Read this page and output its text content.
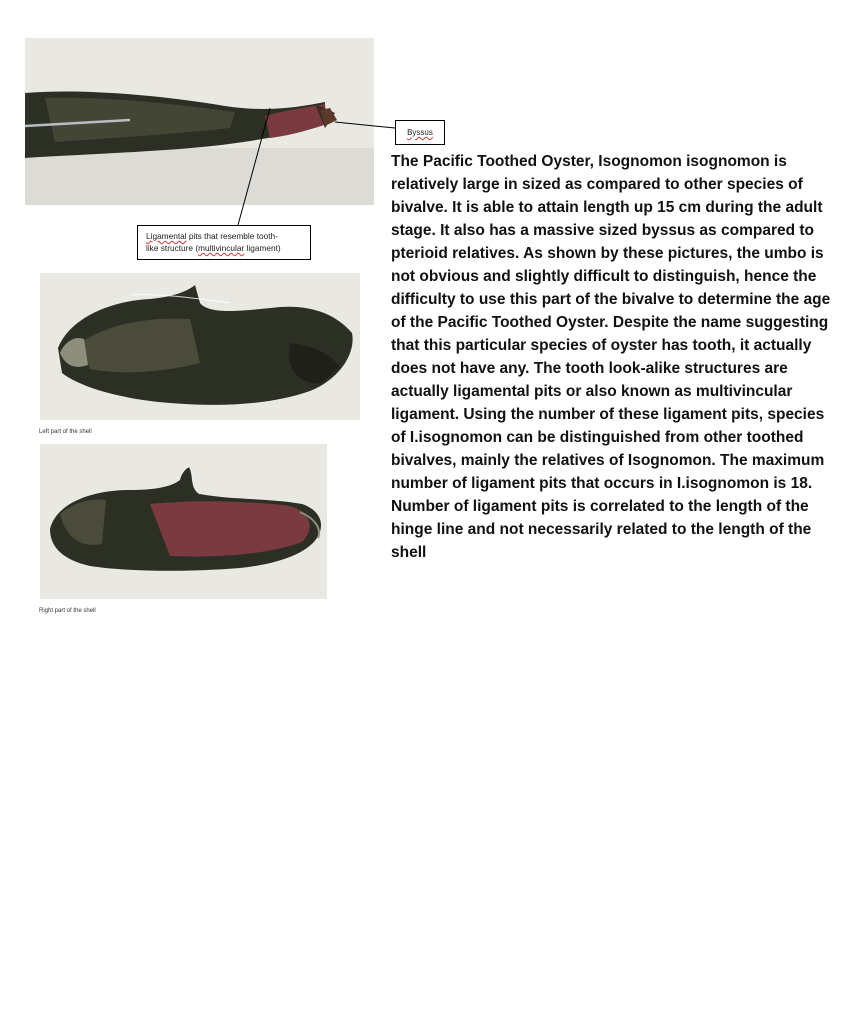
Left part of the shell
Right part of the shell
Byssus
Ligamental pits that resemble tooth-
like structure (multivincular ligament)

The Pacific Toothed Oyster, Isognomon isognomon is relatively large in sized as compared to other species of bivalve. It is able to attain length up 15 cm during the adult stage. It also has a massive sized byssus as compared to pterioid relatives. As shown by these pictures, the umbo is not obvious and slightly difficult to distinguish, hence the difficulty to use this part of the bivalve to determine the age of the Pacific Toothed Oyster. Despite the name suggesting that this particular species of oyster has tooth, it actually does not have any. The tooth look-alike structures are actually ligamental pits or also known as multivincular ligament. Using the number of these ligament pits, species of I.isognomon can be distinguished from other toothed bivalves, mainly the relatives of Isognomon. The maximum number of ligament pits that occurs in I.isognomon is 18. Number of ligament pits is correlated to the length of the hinge line and not necessarily related to the length of the shell
